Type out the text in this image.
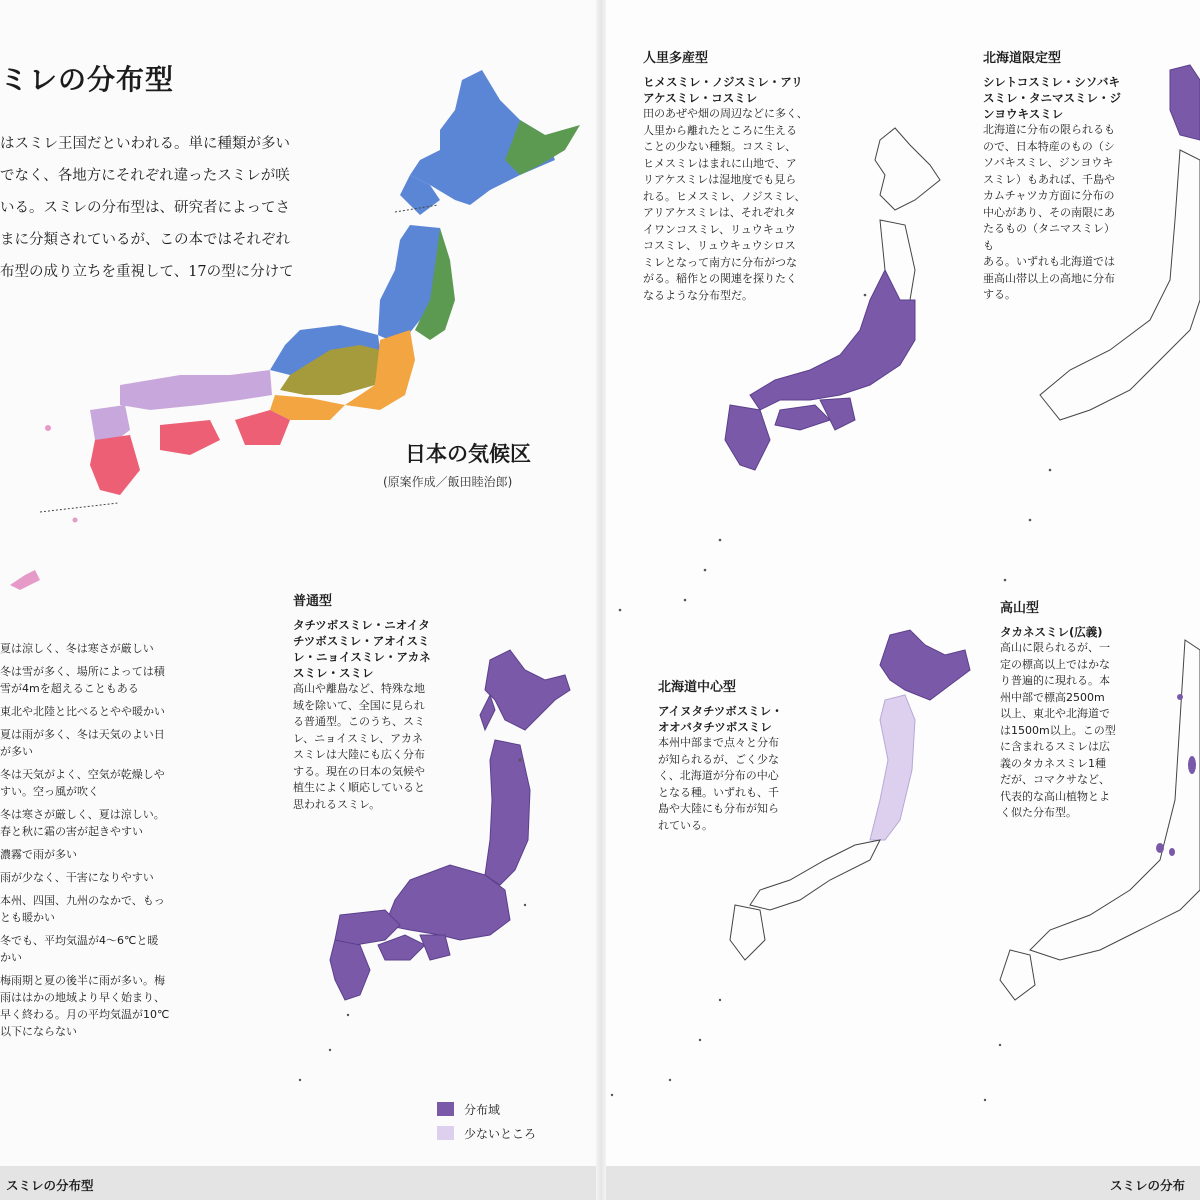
ミレの分布型
はスミレ王国だといわれる。単に種類が多い
でなく、各地方にそれぞれ違ったスミレが咲
いる。スミレの分布型は、研究者によってさ
まに分類されているが、この本ではそれぞれ
布型の成り立ちを重視して、17の型に分けて
日本の気候区
(原案作成／飯田睦治郎)
夏は涼しく、冬は寒さが厳しい
冬は雪が多く、場所によっては積
雪が4mを超えることもある
東北や北陸と比べるとやや暖かい
夏は雨が多く、冬は天気のよい日
が多い
冬は天気がよく、空気が乾燥しや
すい。空っ風が吹く
冬は寒さが厳しく、夏は涼しい。
春と秋に霜の害が起きやすい
濃霧で雨が多い
雨が少なく、干害になりやすい
本州、四国、九州のなかで、もっ
とも暖かい
冬でも、平均気温が4～6℃と暖
かい
梅雨期と夏の後半に雨が多い。梅
雨ははかの地域より早く始まり、
早く終わる。月の平均気温が10℃
以下にならない
普通型
タチツボスミレ・ニオイタ
チツボスミレ・アオイスミ
レ・ニョイスミレ・アカネ
スミレ・スミレ
高山や離島など、特殊な地
域を除いて、全国に見られ
る普通型。このうち、スミ
レ、ニョイスミレ、アカネ
スミレは大陸にも広く分布
する。現在の日本の気候や
植生によく順応していると
思われるスミレ。
分布域
少ないところ
スミレの分布型
人里多産型
ヒメスミレ・ノジスミレ・アリ
アケスミレ・コスミレ
田のあぜや畑の周辺などに多く、
人里から離れたところに生える
ことの少ない種類。コスミレ、
ヒメスミレはまれに山地で、ア
リアケスミレは湿地度でも見ら
れる。ヒメスミレ、ノジスミレ、
アリアケスミレは、それぞれタ
イワンコスミレ、リュウキュウ
コスミレ、リュウキュウシロス
ミレとなって南方に分布がつな
がる。稲作との関連を探りたく
なるような分布型だ。
北海道限定型
シレトコスミレ・シソバキ
スミレ・タニマスミレ・ジ
ンヨウキスミレ
北海道に分布の限られるも
ので、日本特産のもの（シ
ソバキスミレ、ジンヨウキ
スミレ）もあれば、千島や
カムチャツカ方面に分布の
中心があり、その南限にあ
たるもの（タニマスミレ）も
ある。いずれも北海道では
亜高山帯以上の高地に分布
する。
北海道中心型
アイヌタチツボスミレ・
オオバタチツボスミレ
本州中部まで点々と分布
が知られるが、ごく少な
く、北海道が分布の中心
となる種。いずれも、千
島や大陸にも分布が知ら
れている。
高山型
タカネスミレ(広義)
高山に限られるが、一
定の標高以上ではかな
り普遍的に現れる。本
州中部で標高2500m
以上、東北や北海道で
は1500m以上。この型
に含まれるスミレは広
義のタカネスミレ1種
だが、コマクサなど、
代表的な高山植物とよ
く似た分布型。
スミレの分布
